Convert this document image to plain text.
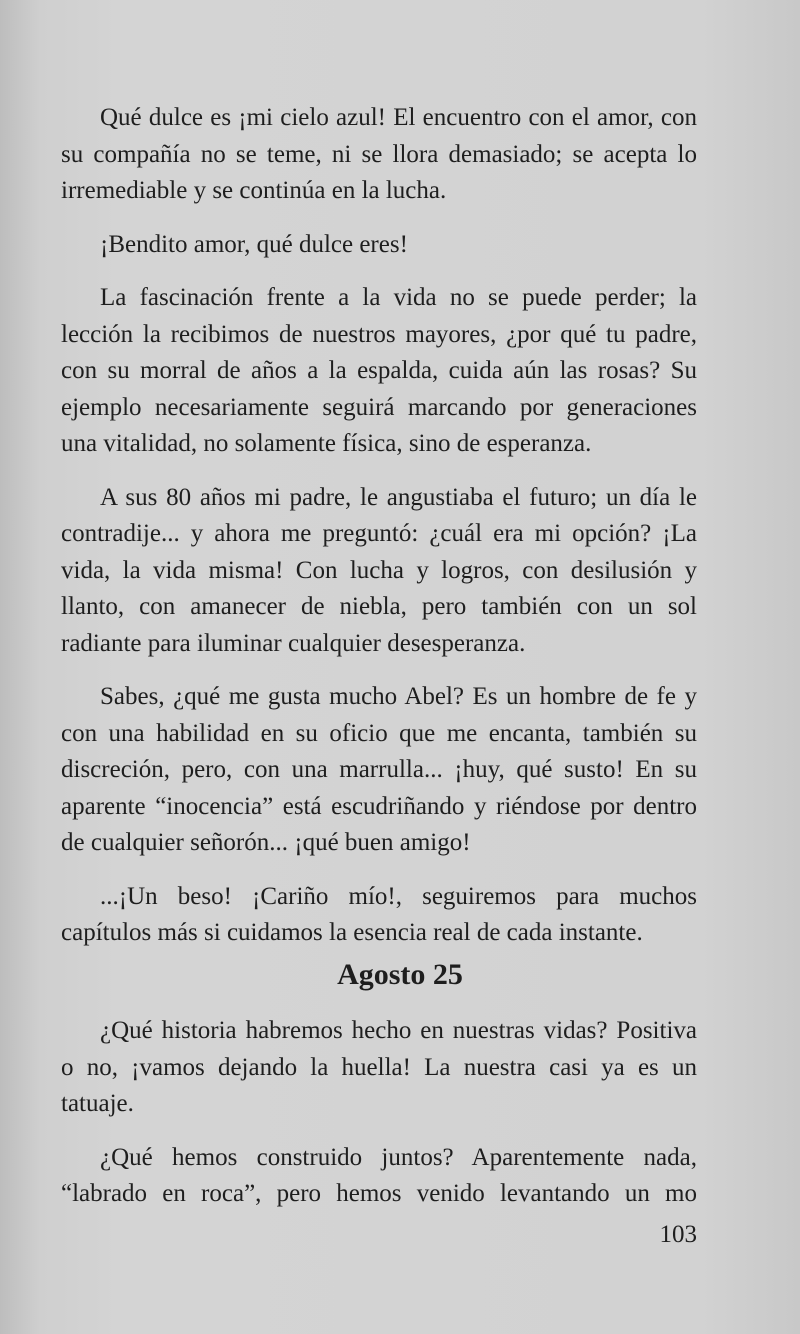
Qué dulce es ¡mi cielo azul! El encuentro con el amor, con su compañía no se teme, ni se llora demasiado; se acepta lo irremediable y se continúa en la lucha.

¡Bendito amor, qué dulce eres!

La fascinación frente a la vida no se puede perder; la lección la recibimos de nuestros mayores, ¿por qué tu padre, con su morral de años a la espalda, cuida aún las rosas? Su ejemplo necesariamente seguirá marcando por generaciones una vitalidad, no solamente física, sino de esperanza.

A sus 80 años mi padre, le angustiaba el futuro; un día le contradije... y ahora me preguntó: ¿cuál era mi opción? ¡La vida, la vida misma! Con lucha y logros, con desilusión y llanto, con amanecer de niebla, pero también con un sol radiante para iluminar cualquier desesperanza.

Sabes, ¿qué me gusta mucho Abel? Es un hombre de fe y con una habilidad en su oficio que me encanta, también su discreción, pero, con una marrulla... ¡huy, qué susto! En su aparente “inocencia” está escudriñando y riéndose por dentro de cualquier señorón... ¡qué buen amigo!

...¡Un beso! ¡Cariño mío!, seguiremos para muchos capítulos más si cuidamos la esencia real de cada instante.

Agosto 25

¿Qué historia habremos hecho en nuestras vidas? Positiva o no, ¡vamos dejando la huella! La nuestra casi ya es un tatuaje.

¿Qué hemos construido juntos? Aparentemente nada, “labrado en roca”, pero hemos venido levantando un mo

103
